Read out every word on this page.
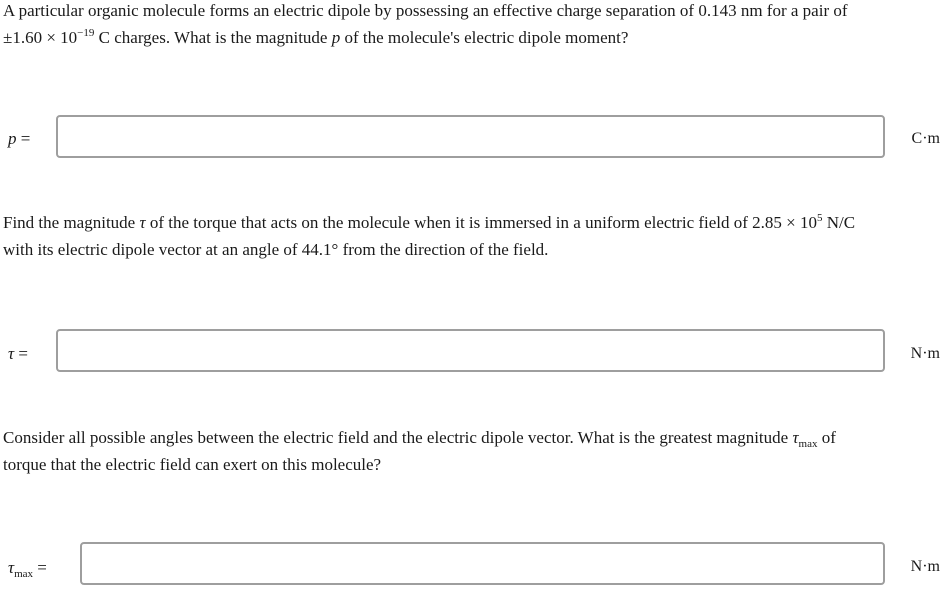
A particular organic molecule forms an electric dipole by possessing an effective charge separation of 0.143 nm for a pair of
$\pm 1.60 \times 10^{-19}$ C charges. What is the magnitude p of the molecule's electric dipole moment?

p =	C·m

Find the magnitude τ of the torque that acts on the molecule when it is immersed in a uniform electric field of $2.85 \times 10^5$ N/C
with its electric dipole vector at an angle of 44.1° from the direction of the field.

τ =	N·m

Consider all possible angles between the electric field and the electric dipole vector. What is the greatest magnitude $\tau_{max}$ of
torque that the electric field can exert on this molecule?

$\tau_{max}$ =	N·m
